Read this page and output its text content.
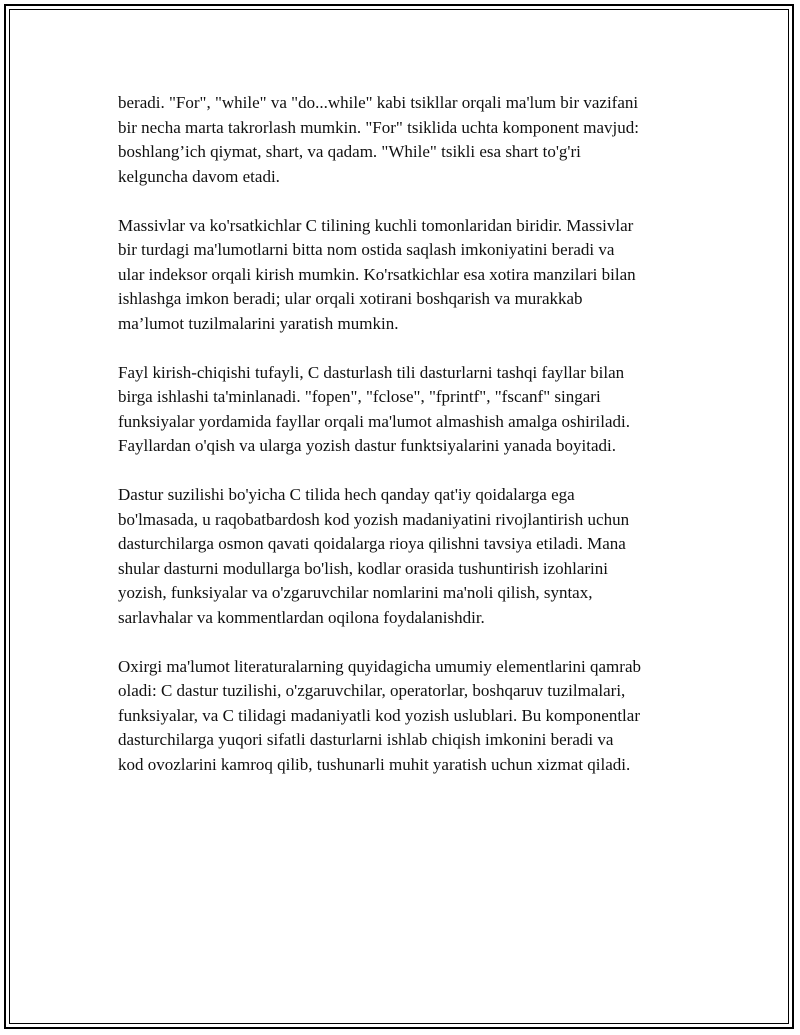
beradi. "For", "while" va "do...while" kabi tsikllar orqali ma'lum bir vazifani
bir necha marta takrorlash mumkin. "For" tsiklida uchta komponent mavjud:
boshlang’ich qiymat, shart, va qadam. "While" tsikli esa shart to'g'ri
kelguncha davom etadi.

Massivlar va ko'rsatkichlar C tilining kuchli tomonlaridan biridir. Massivlar
bir turdagi ma'lumotlarni bitta nom ostida saqlash imkoniyatini beradi va
ular indeksor orqali kirish mumkin. Ko'rsatkichlar esa xotira manzilari bilan
ishlashga imkon beradi; ular orqali xotirani boshqarish va murakkab
ma’lumot tuzilmalarini yaratish mumkin.

Fayl kirish-chiqishi tufayli, C dasturlash tili dasturlarni tashqi fayllar bilan
birga ishlashi ta'minlanadi. "fopen", "fclose", "fprintf", "fscanf" singari
funksiyalar yordamida fayllar orqali ma'lumot almashish amalga oshiriladi.
Fayllardan o'qish va ularga yozish dastur funktsiyalarini yanada boyitadi.

Dastur suzilishi bo'yicha C tilida hech qanday qat'iy qoidalarga ega
bo'lmasada, u raqobatbardosh kod yozish madaniyatini rivojlantirish uchun
dasturchilarga osmon qavati qoidalarga rioya qilishni tavsiya etiladi. Mana
shular dasturni modullarga bo'lish, kodlar orasida tushuntirish izohlarini
yozish, funksiyalar va o'zgaruvchilar nomlarini ma'noli qilish, syntax,
sarlavhalar va kommentlardan oqilona foydalanishdir.

Oxirgi ma'lumot literaturalarning quyidagicha umumiy elementlarini qamrab
oladi: C dastur tuzilishi, o'zgaruvchilar, operatorlar, boshqaruv tuzilmalari,
funksiyalar, va C tilidagi madaniyatli kod yozish uslublari. Bu komponentlar
dasturchilarga yuqori sifatli dasturlarni ishlab chiqish imkonini beradi va
kod ovozlarini kamroq qilib, tushunarli muhit yaratish uchun xizmat qiladi.
